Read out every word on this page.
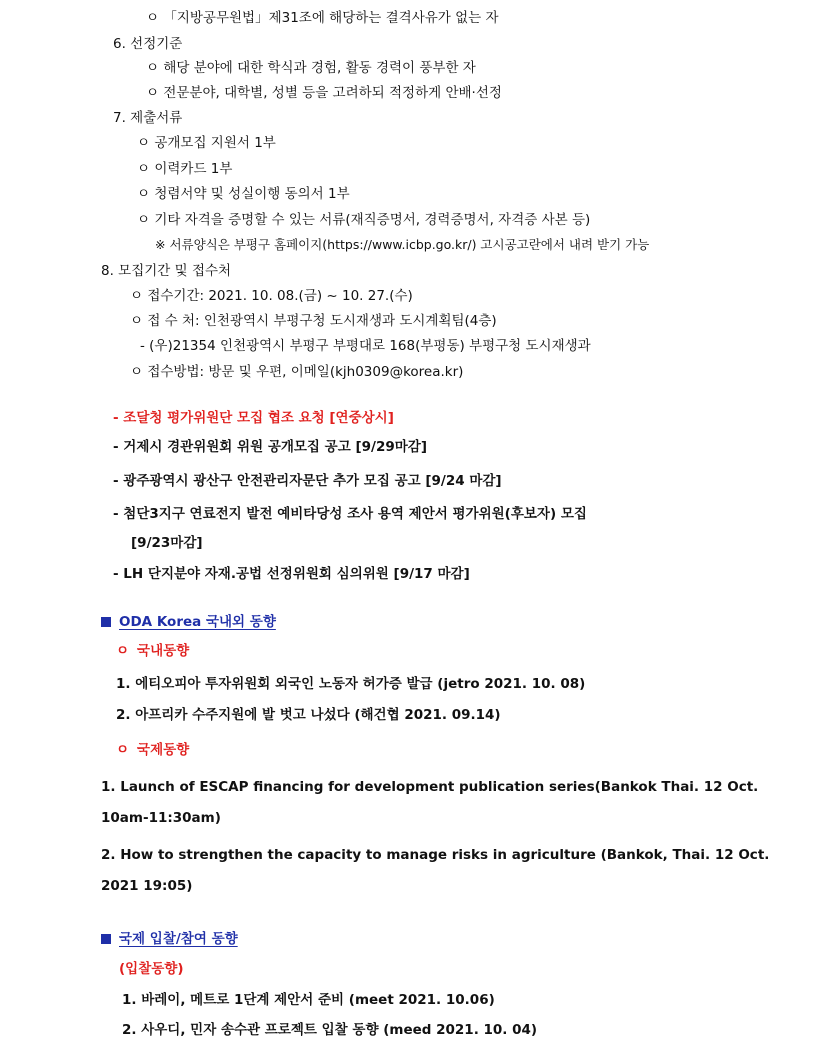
ㅇ 「지방공무원법」제31조에 해당하는 결격사유가 없는 자
6. 선정기준
ㅇ 해당 분야에 대한 학식과 경험, 활동 경력이 풍부한 자
ㅇ 전문분야, 대학별, 성별 등을 고려하되 적정하게 안배·선정
7. 제출서류
ㅇ 공개모집 지원서 1부
ㅇ 이력카드 1부
ㅇ 청렴서약 및 성실이행 동의서 1부
ㅇ 기타 자격을 증명할 수 있는 서류(재직증명서, 경력증명서, 자격증 사본 등)
※ 서류양식은 부평구 홈페이지(https://www.icbp.go.kr/) 고시공고란에서 내려 받기 가능
8. 모집기간 및 접수처
ㅇ 접수기간: 2021. 10. 08.(금) ~ 10. 27.(수)
ㅇ 접 수 처: 인천광역시 부평구청 도시재생과 도시계획팀(4층)
- (우)21354 인천광역시 부평구 부평대로 168(부평동) 부평구청 도시재생과
ㅇ 접수방법: 방문 및 우편, 이메일(kjh0309@korea.kr)
- 조달청 평가위원단 모집 협조 요청 [연중상시]
- 거제시 경관위원회 위원 공개모집 공고 [9/29마감]
- 광주광역시 광산구 안전관리자문단 추가 모집 공고 [9/24 마감]
- 첨단3지구 연료전지 발전 예비타당성 조사 용역 제안서 평가위원(후보자) 모집
[9/23마감]
- LH 단지분야 자재.공법 선정위원회 심의위원 [9/17 마감]
ODA Korea 국내외 동향
ㅇ 국내동향
1. 에티오피아 투자위원회 외국인 노동자 허가증 발급 (jetro 2021. 10. 08)
2. 아프리카 수주지원에 발 벗고 나섰다 (해건협 2021. 09.14)
ㅇ 국제동향
1. Launch of ESCAP financing for development publication series(Bankok Thai. 12 Oct.
10am-11:30am)
2. How to strengthen the capacity to manage risks in agriculture (Bankok, Thai. 12 Oct.
2021 19:05)
국제 입찰/참여 동향
(입찰동향)
1. 바레이, 메트로 1단계 제안서 준비 (meet 2021. 10.06)
2. 사우디, 민자 송수관 프로젝트 입찰 동향 (meed 2021. 10. 04)
